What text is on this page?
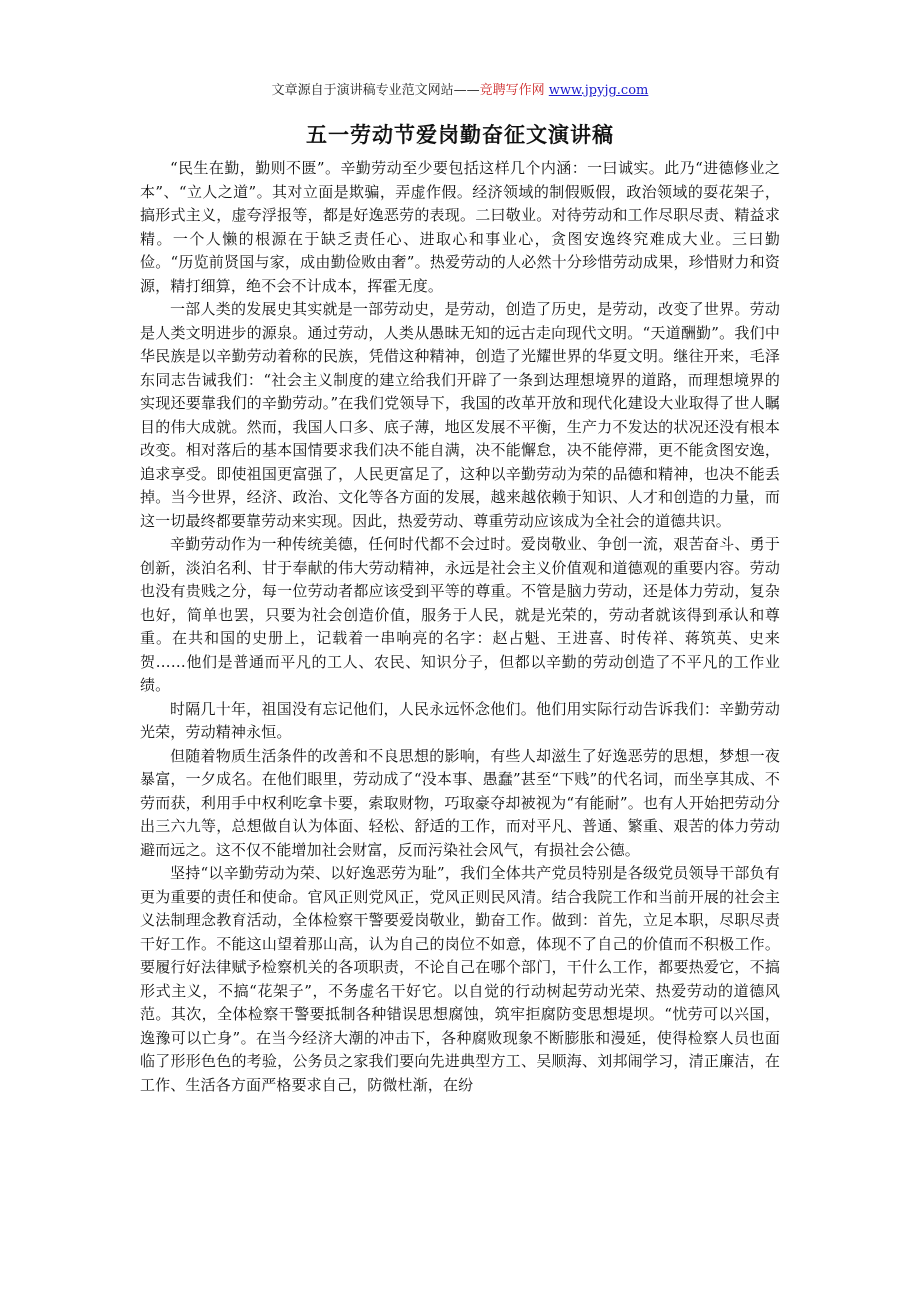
文章源自于演讲稿专业范文网站——竞聘写作网 www.jpyjg.com
五一劳动节爱岗勤奋征文演讲稿

“民生在勤，勤则不匮”。辛勤劳动至少要包括这样几个内涵：一曰诚实。此乃“进德修业之本”、“立人之道”。其对立面是欺骗，弄虚作假。经济领域的制假贩假，政治领域的耍花架子，搞形式主义，虚夸浮报等，都是好逸恶劳的表现。二曰敬业。对待劳动和工作尽职尽责、精益求精。一个人懒的根源在于缺乏责任心、进取心和事业心，贪图安逸终究难成大业。三曰勤俭。“历览前贤国与家，成由勤俭败由奢”。热爱劳动的人必然十分珍惜劳动成果，珍惜财力和资源，精打细算，绝不会不计成本，挥霍无度。

一部人类的发展史其实就是一部劳动史，是劳动，创造了历史，是劳动，改变了世界。劳动是人类文明进步的源泉。通过劳动，人类从愚昧无知的远古走向现代文明。“天道酬勤”。我们中华民族是以辛勤劳动着称的民族，凭借这种精神，创造了光耀世界的华夏文明。继往开来，毛泽东同志告诫我们：“社会主义制度的建立给我们开辟了一条到达理想境界的道路，而理想境界的实现还要靠我们的辛勤劳动。”在我们党领导下，我国的改革开放和现代化建设大业取得了世人瞩目的伟大成就。然而，我国人口多、底子薄，地区发展不平衡，生产力不发达的状况还没有根本改变。相对落后的基本国情要求我们决不能自满，决不能懈怠，决不能停滞，更不能贪图安逸，追求享受。即使祖国更富强了，人民更富足了，这种以辛勤劳动为荣的品德和精神，也决不能丢掉。当今世界，经济、政治、文化等各方面的发展，越来越依赖于知识、人才和创造的力量，而这一切最终都要靠劳动来实现。因此，热爱劳动、尊重劳动应该成为全社会的道德共识。

辛勤劳动作为一种传统美德，任何时代都不会过时。爱岗敬业、争创一流，艰苦奋斗、勇于创新，淡泊名利、甘于奉献的伟大劳动精神，永远是社会主义价值观和道德观的重要内容。劳动也没有贵贱之分，每一位劳动者都应该受到平等的尊重。不管是脑力劳动，还是体力劳动，复杂也好，简单也罢，只要为社会创造价值，服务于人民，就是光荣的，劳动者就该得到承认和尊重。在共和国的史册上，记载着一串响亮的名字：赵占魁、王进喜、时传祥、蒋筑英、史来贺……他们是普通而平凡的工人、农民、知识分子，但都以辛勤的劳动创造了不平凡的工作业绩。

时隔几十年，祖国没有忘记他们，人民永远怀念他们。他们用实际行动告诉我们：辛勤劳动光荣，劳动精神永恒。

但随着物质生活条件的改善和不良思想的影响，有些人却滋生了好逸恶劳的思想，梦想一夜暴富，一夕成名。在他们眼里，劳动成了“没本事、愚蠢”甚至“下贱”的代名词，而坐享其成、不劳而获，利用手中权利吃拿卡要，索取财物，巧取豪夺却被视为“有能耐”。也有人开始把劳动分出三六九等，总想做自认为体面、轻松、舒适的工作，而对平凡、普通、繁重、艰苦的体力劳动避而远之。这不仅不能增加社会财富，反而污染社会风气，有损社会公德。

坚持“以辛勤劳动为荣、以好逸恶劳为耻”，我们全体共产党员特别是各级党员领导干部负有更为重要的责任和使命。官风正则党风正，党风正则民风清。结合我院工作和当前开展的社会主义法制理念教育活动，全体检察干警要爱岗敬业，勤奋工作。做到：首先，立足本职，尽职尽责干好工作。不能这山望着那山高，认为自己的岗位不如意，体现不了自己的价值而不积极工作。要履行好法律赋予检察机关的各项职责，不论自己在哪个部门，干什么工作，都要热爱它，不搞形式主义，不搞“花架子”，不务虚名干好它。以自觉的行动树起劳动光荣、热爱劳动的道德风范。其次，全体检察干警要抵制各种错误思想腐蚀，筑牢拒腐防变思想堤坝。“忧劳可以兴国，逸豫可以亡身”。在当今经济大潮的冲击下，各种腐败现象不断膨胀和漫延，使得检察人员也面临了形形色色的考验，公务员之家我们要向先进典型方工、吴顺海、刘邦闹学习，清正廉洁，在工作、生活各方面严格要求自己，防微杜渐，在纷
